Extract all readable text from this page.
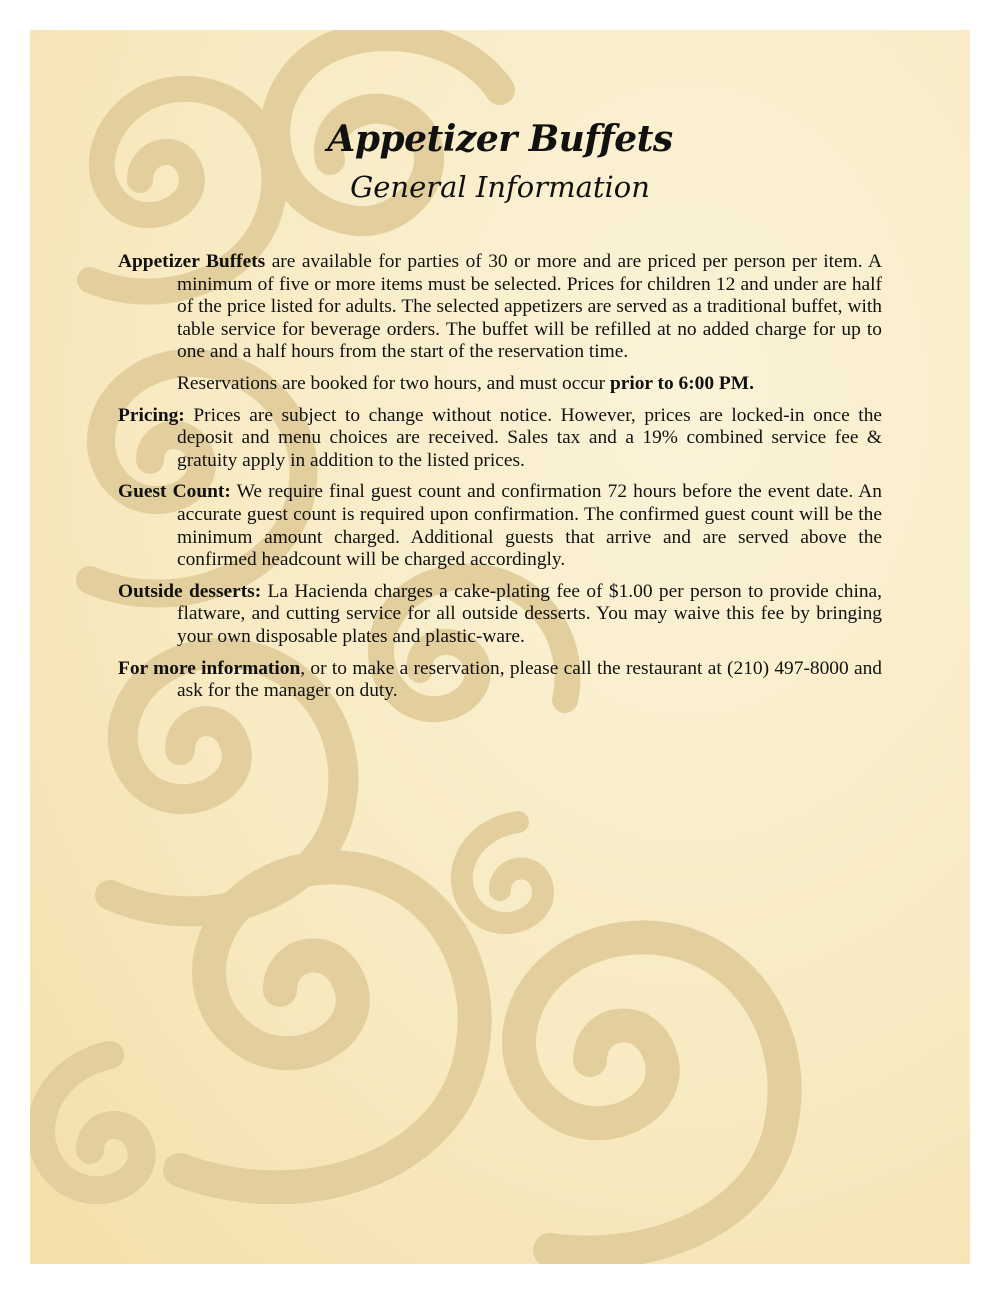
Appetizer Buffets
General Information

Appetizer Buffets are available for parties of 30 or more and are priced per person per item. A minimum of five or more items must be selected. Prices for children 12 and under are half of the price listed for adults. The selected appetizers are served as a traditional buffet, with table service for beverage orders. The buffet will be refilled at no added charge for up to one and a half hours from the start of the reservation time.

Reservations are booked for two hours, and must occur prior to 6:00 PM.

Pricing: Prices are subject to change without notice. However, prices are locked-in once the deposit and menu choices are received. Sales tax and a 19% combined service fee & gratuity apply in addition to the listed prices.

Guest Count: We require final guest count and confirmation 72 hours before the event date. An accurate guest count is required upon confirmation. The confirmed guest count will be the minimum amount charged. Additional guests that arrive and are served above the confirmed headcount will be charged accordingly.

Outside desserts: La Hacienda charges a cake-plating fee of $1.00 per person to provide china, flatware, and cutting service for all outside desserts. You may waive this fee by bringing your own disposable plates and plastic-ware.

For more information, or to make a reservation, please call the restaurant at (210) 497-8000 and ask for the manager on duty.
